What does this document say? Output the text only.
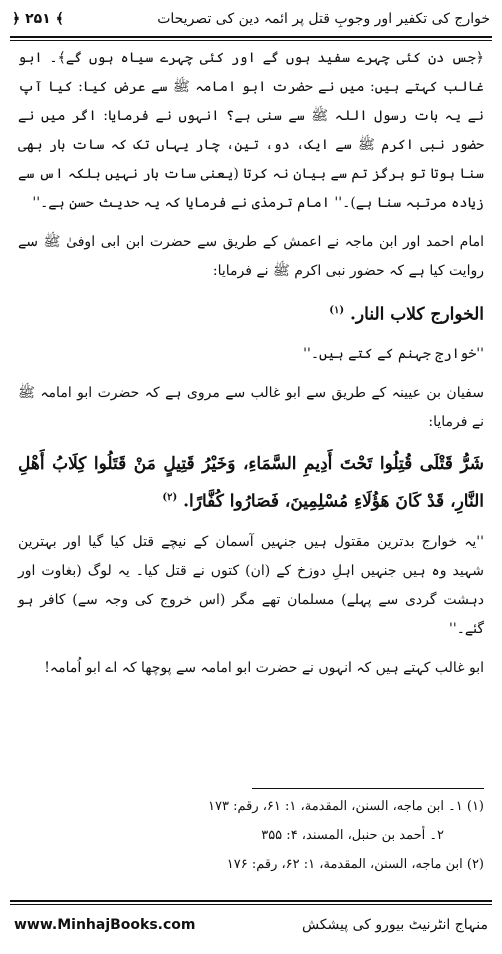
﴿ ۲۵۱ ﴾	خوارج کی تکفیر اور وجوبِ قتل پر ائمہ دین کی تصریحات

﴿جس دن کئی چہرے سفید ہوں گے اور کئی چہرے سیاہ ہوں گے﴾۔ ابو غالب کہتے ہیں: میں نے حضرت ابو امامہ ﷺ سے عرض کیا: کیا آپ نے یہ بات رسول اللہ ﷺ سے سنی ہے؟ انہوں نے فرمایا: اگر میں نے حضور نبی اکرم ﷺ سے ایک، دو، تین، چار یہاں تک کہ سات بار بھی سنا ہوتا تو ہرگز تم سے بیان نہ کرتا (یعنی سات بار نہیں بلکہ اس سے زیادہ مرتبہ سنا ہے)۔'' امام ترمذی نے فرمایا کہ یہ حدیث حسن ہے۔''

امام احمد اور ابن ماجہ نے اعمش کے طریق سے حضرت ابن ابی اوفیٰ ﷺ سے روایت کیا ہے کہ حضور نبی اکرم ﷺ نے فرمایا:

الخوارج كلاب النار. $^{(۱)}$

''خوارج جہنم کے کتے ہیں۔''

سفیان بن عیینہ کے طریق سے ابو غالب سے مروی ہے کہ حضرت ابو امامہ ﷺ نے فرمایا:

شَرُّ قَتْلَى قُتِلُوا تَحْتَ أَدِيمِ السَّمَاءِ، وَخَيْرُ قَتِيلٍ مَنْ قَتَلُوا كِلَابُ أَهْلِ النَّارِ، قَدْ كَانَ هَؤُلَاءِ مُسْلِمِينَ، فَصَارُوا كُفَّارًا. $^{(۲)}$

''یہ خوارج بدترین مقتول ہیں جنہیں آسمان کے نیچے قتل کیا گیا اور بہترین شہید وہ ہیں جنہیں اہلِ دوزخ کے (ان) کتوں نے قتل کیا۔ یہ لوگ (بغاوت اور دہشت گردی سے پہلے) مسلمان تھے مگر (اس خروج کی وجہ سے) کافر ہو گئے۔''

ابو غالب کہتے ہیں کہ انہوں نے حضرت ابو امامہ سے پوچھا کہ اے ابو اُمامہ!

(۱) ۱۔ ابن ماجه، السنن، المقدمة، ۱: ۶۱، رقم: ۱۷۳
۲۔ أحمد بن حنبل، المسند، ۴: ۳۵۵
(۲) ابن ماجه، السنن، المقدمة، ۱: ۶۲، رقم: ۱۷۶
www.MinhajBooks.com	منہاج انٹرنیٹ بیورو کی پیشکش
